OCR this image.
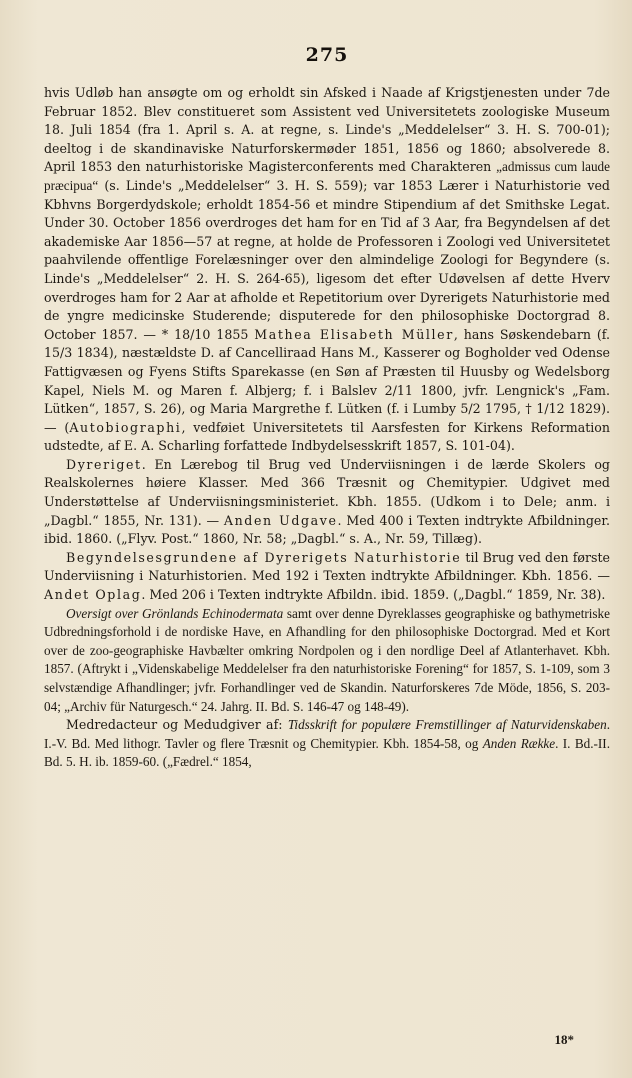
275

hvis Udløb han ansøgte om og erholdt sin Afsked i Naade af Krigstjenesten under 7de Februar 1852. Blev constitueret som Assistent ved Universitetets zoologiske Museum 18. Juli 1854 (fra 1. April s. A. at regne, s. Linde's „Meddelelser“ 3. H. S. 700-01); deeltog i de skandinaviske Naturforskermøder 1851, 1856 og 1860; absolverede 8. April 1853 den naturhistoriske Magisterconferents med Charakteren „admissus cum laude præcipua“ (s. Linde's „Meddelelser“ 3. H. S. 559); var 1853 Lærer i Naturhistorie ved Kbhvns Borgerdydskole; erholdt 1854-56 et mindre Stipendium af det Smithske Legat. Under 30. October 1856 overdroges det ham for en Tid af 3 Aar, fra Begyndelsen af det akademiske Aar 1856—57 at regne, at holde de Professoren i Zoologi ved Universitetet paahvilende offentlige Forelæsninger over den almindelige Zoologi for Begyndere (s. Linde's „Meddelelser“ 2. H. S. 264-65), ligesom det efter Udøvelsen af dette Hverv overdroges ham for 2 Aar at afholde et Repetitorium over Dyrerigets Naturhistorie med de yngre medicinske Studerende; disputerede for den philosophiske Doctorgrad 8. October 1857. — * 18/10 1855 Mathea Elisabeth Müller, hans Søskendebarn (f. 15/3 1834), næstældste D. af Cancelliraad Hans M., Kasserer og Bogholder ved Odense Fattigvæsen og Fyens Stifts Sparekasse (en Søn af Præsten til Huusby og Wedelsborg Kapel, Niels M. og Maren f. Albjerg; f. i Balslev 2/11 1800, jvfr. Lengnick's „Fam. Lütken“, 1857, S. 26), og Maria Margrethe f. Lütken (f. i Lumby 5/2 1795, † 1/12 1829). — (Autobiographi, vedføiet Universitetets til Aarsfesten for Kirkens Reformation udstedte, af E. A. Scharling forfattede Indbydelsesskrift 1857, S. 101-04).

Dyreriget. En Lærebog til Brug ved Underviisningen i de lærde Skolers og Realskolernes høiere Klasser. Med 366 Træsnit og Chemitypier. Udgivet med Understøttelse af Underviisningsministeriet. Kbh. 1855. (Udkom i to Dele; anm. i „Dagbl.“ 1855, Nr. 131). — Anden Udgave. Med 400 i Texten indtrykte Afbildninger. ibid. 1860. („Flyv. Post.“ 1860, Nr. 58; „Dagbl.“ s. A., Nr. 59, Tillæg).

Begyndelsesgrundene af Dyrerigets Naturhistorie til Brug ved den første Underviisning i Naturhistorien. Med 192 i Texten indtrykte Afbildninger. Kbh. 1856. — Andet Oplag. Med 206 i Texten indtrykte Afbildn. ibid. 1859. („Dagbl.“ 1859, Nr. 38).

Oversigt over Grönlands Echinodermata samt over denne Dyreklasses geographiske og bathymetriske Udbredningsforhold i de nordiske Have, en Afhandling for den philosophiske Doctorgrad. Med et Kort over de zoo-geographiske Havbælter omkring Nordpolen og i den nordlige Deel af Atlanterhavet. Kbh. 1857. (Aftrykt i „Videnskabelige Meddelelser fra den naturhistoriske Forening“ for 1857, S. 1-109, som 3 selvstændige Afhandlinger; jvfr. Forhandlinger ved de Skandin. Naturforskeres 7de Möde, 1856, S. 203-04; „Archiv für Naturgesch.“ 24. Jahrg. II. Bd. S. 146-47 og 148-49).

Medredacteur og Medudgiver af: Tidsskrift for populære Fremstillinger af Naturvidenskaben. I.-V. Bd. Med lithogr. Tavler og flere Træsnit og Chemitypier. Kbh. 1854-58, og Anden Række. I. Bd.-II. Bd. 5. H. ib. 1859-60. („Fædrel.“ 1854,

18*
